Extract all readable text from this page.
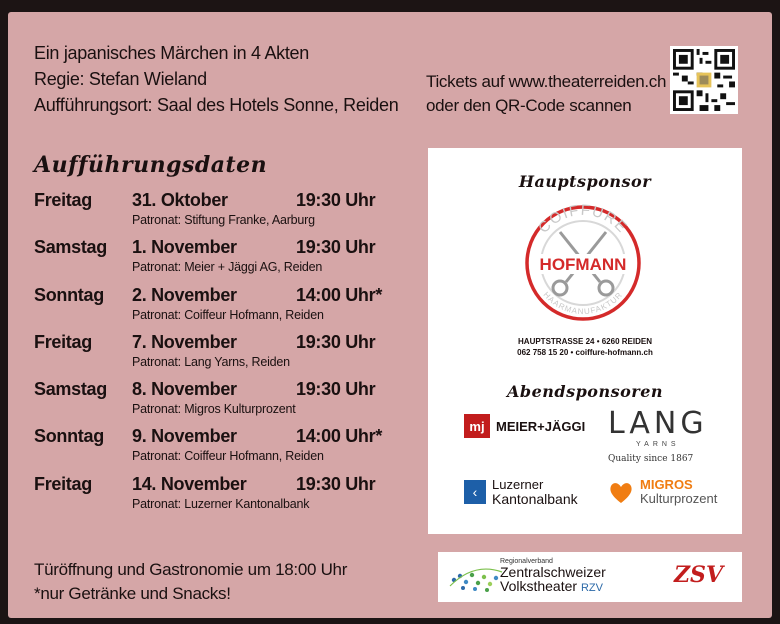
Ein japanisches Märchen in 4 Akten
Regie: Stefan Wieland
Aufführungsort: Saal des Hotels Sonne, Reiden
Tickets auf www.theaterreiden.ch
oder den QR-Code scannen
Aufführungsdaten
Freitag 31. Oktober	19:30 Uhr
Patronat: Stiftung Franke, Aarburg
Samstag 1. November	19:30 Uhr
Patronat: Meier + Jäggi AG, Reiden
Sonntag 2. November	14:00 Uhr*
Patronat: Coiffeur Hofmann, Reiden
Freitag 7. November	19:30 Uhr
Patronat: Lang Yarns, Reiden
Samstag 8. November	19:30 Uhr
Patronat: Migros Kulturprozent
Sonntag 9. November	14:00 Uhr*
Patronat: Coiffeur Hofmann, Reiden
Freitag 14. November	19:30 Uhr
Patronat: Luzerner Kantonalbank
Türöffnung und Gastronomie um 18:00 Uhr
*nur Getränke und Snacks!
Hauptsponsor
COIFFURE
HAARMANUFAKTUR
HOFMANN
HAUPTSTRASSE 24 • 6260 REIDEN
062 758 15 20 • coiffure-hofmann.ch
Abendsponsoren
mj MEIER+JÄGGI LANG
YARNS
Quality since 1867
‹	Luzerner
Kantonalbank
MIGROS
Kulturprozent
Regionalverband
Zentralschweizer
Volkstheater RZV	ZSV
